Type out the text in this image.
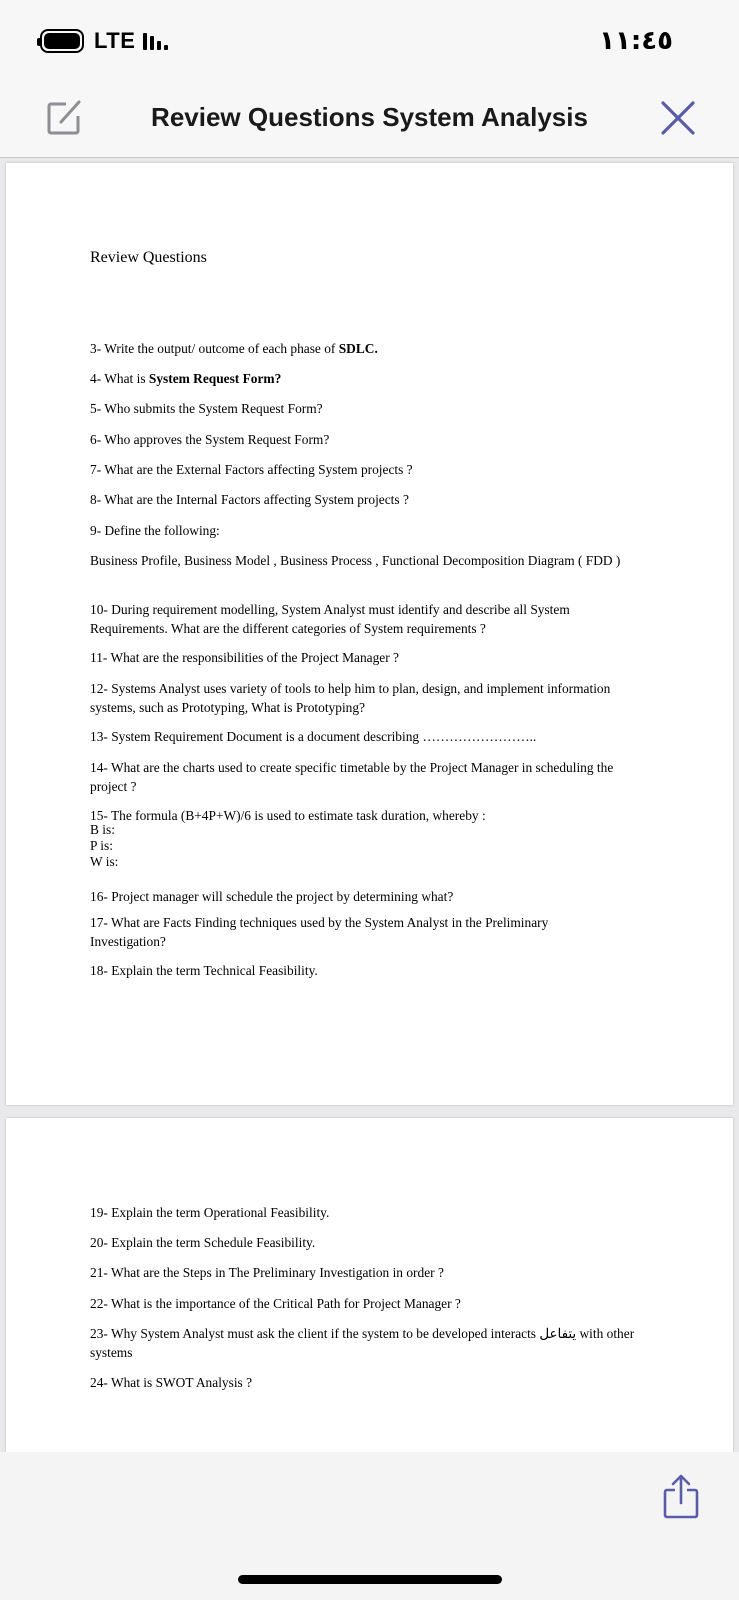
LTE	١١:٤٥
Review Questions System Analysis
Review Questions
3- Write the output/ outcome of each phase of SDLC.
4- What is System Request Form?
5- Who submits the System Request Form?
6- Who approves the System Request Form?
7- What are the External Factors affecting System projects ?
8- What are the Internal Factors affecting System projects ?
9- Define the following:
Business Profile, Business Model , Business Process , Functional Decomposition Diagram ( FDD )
10- During requirement modelling, System Analyst must identify and describe all System Requirements. What are the different categories of System requirements ?
11- What are the responsibilities of the Project Manager ?
12- Systems Analyst uses variety of tools to help him to plan, design, and implement information systems, such as Prototyping, What is Prototyping?
13- System Requirement Document is a document describing ……………………..
14- What are the charts used to create specific timetable by the Project Manager in scheduling the project ?
15- The formula (B+4P+W)/6 is used to estimate task duration, whereby :
B is:
P is:
W is:
16- Project manager will schedule the project by determining what?
17- What are Facts Finding techniques used by the System Analyst in the Preliminary Investigation?
18- Explain the term Technical Feasibility.
19- Explain the term Operational Feasibility.
20- Explain the term Schedule Feasibility.
21- What are the Steps in The Preliminary Investigation in order ?
22- What is the importance of the Critical Path for Project Manager ?
23- Why System Analyst must ask the client if the system to be developed interacts يتفاعل with other systems
24- What is SWOT Analysis ?
